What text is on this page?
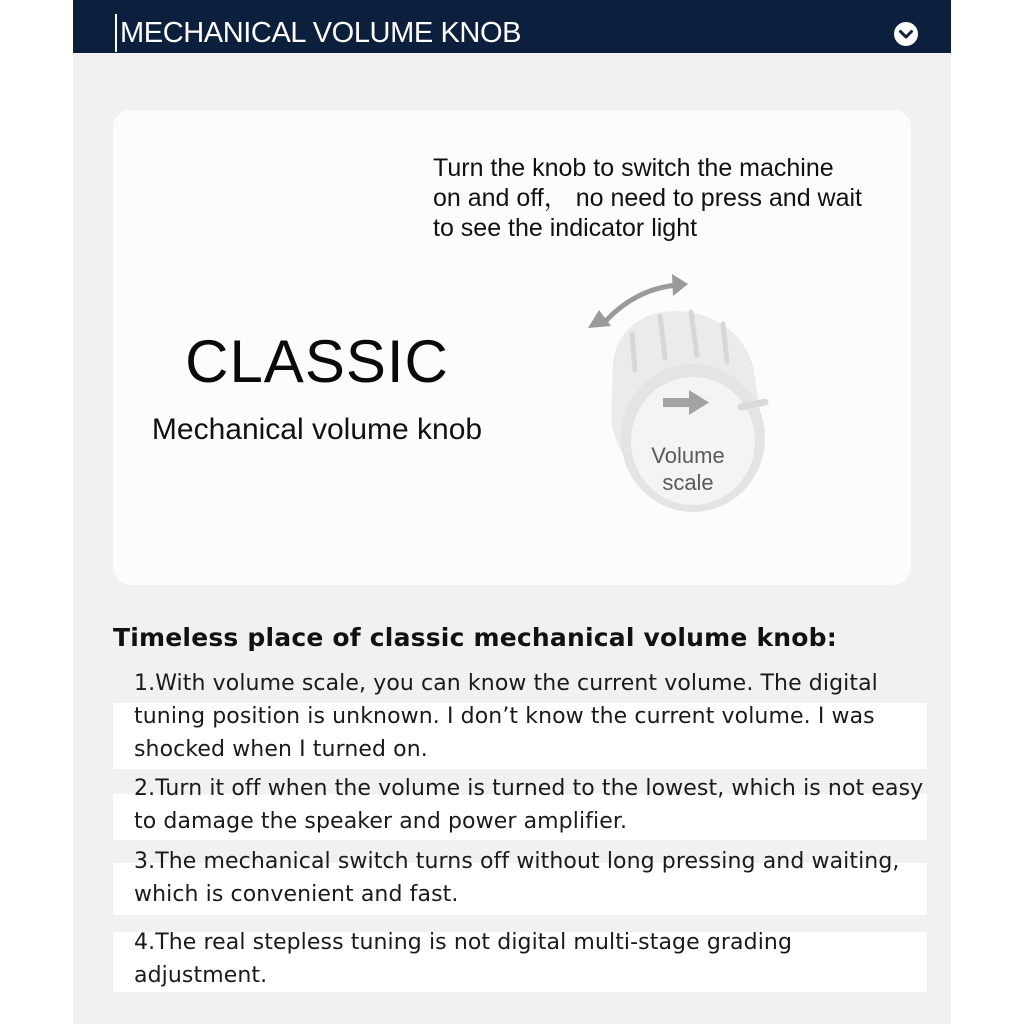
MECHANICAL VOLUME KNOB
Turn the knob to switch the machine
on and off， no need to press and wait
to see the indicator light
CLASSIC
Mechanical volume knob
Volume
scale
Timeless place of classic mechanical volume knob:
1.With volume scale, you can know the current volume. The digital tuning position is unknown. I don’t know the current volume. I was shocked when I turned on.
2.Turn it off when the volume is turned to the lowest, which is not easy to damage the speaker and power amplifier.
3.The mechanical switch turns off without long pressing and waiting, which is convenient and fast.
4.The real stepless tuning is not digital multi-stage grading adjustment.
